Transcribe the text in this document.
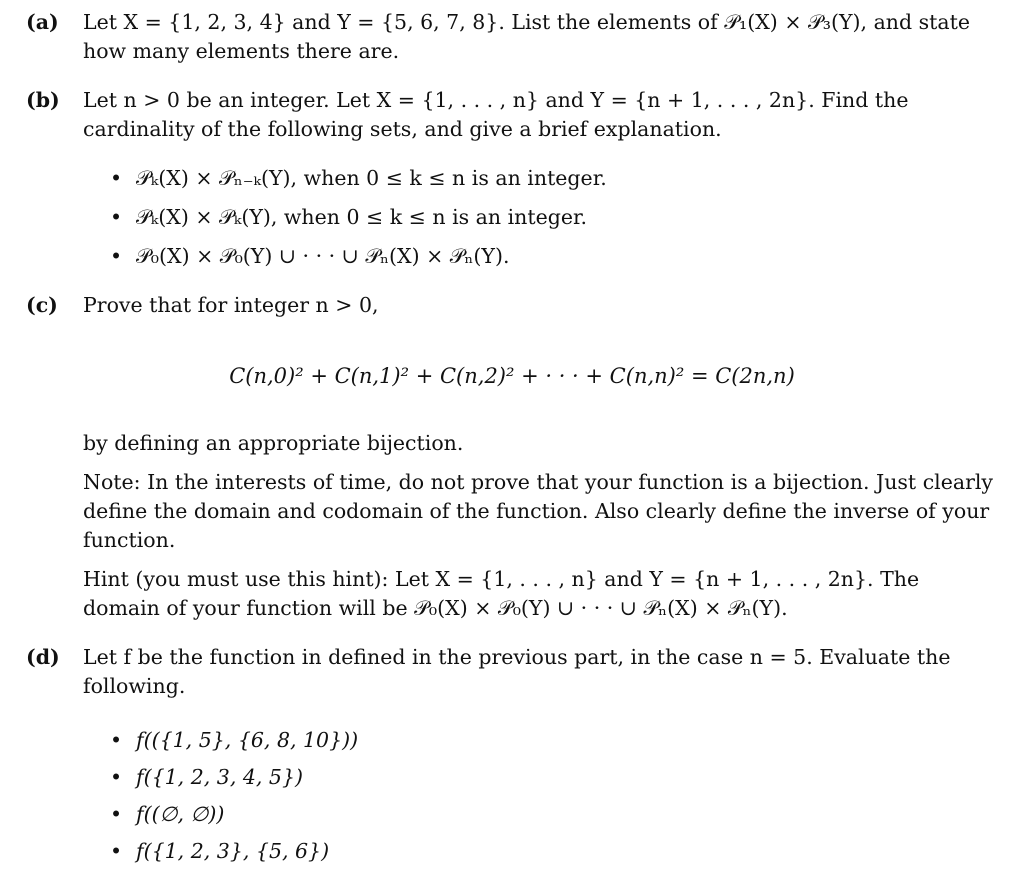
(a) Let X = {1, 2, 3, 4} and Y = {5, 6, 7, 8}. List the elements of 𝒫₁(X) × 𝒫₃(Y), and state
how many elements there are.
(b) Let n > 0 be an integer. Let X = {1, . . . , n} and Y = {n + 1, . . . , 2n}. Find the
cardinality of the following sets, and give a brief explanation.
• 𝒫ₖ(X) × 𝒫ₙ₋ₖ(Y), when 0 ≤ k ≤ n is an integer.
• 𝒫ₖ(X) × 𝒫ₖ(Y), when 0 ≤ k ≤ n is an integer.
• 𝒫₀(X) × 𝒫₀(Y) ∪ · · · ∪ 𝒫ₙ(X) × 𝒫ₙ(Y).
(c) Prove that for integer n > 0,
C(n,0)² + C(n,1)² + C(n,2)² + · · · + C(n,n)² = C(2n,n)
by defining an appropriate bijection.
Note: In the interests of time, do not prove that your function is a bijection. Just clearly
define the domain and codomain of the function. Also clearly define the inverse of your
function.
Hint (you must use this hint): Let X = {1, . . . , n} and Y = {n + 1, . . . , 2n}. The
domain of your function will be 𝒫₀(X) × 𝒫₀(Y) ∪ · · · ∪ 𝒫ₙ(X) × 𝒫ₙ(Y).
(d) Let f be the function in defined in the previous part, in the case n = 5. Evaluate the
following.
• f(({1, 5}, {6, 8, 10}))
• f({1, 2, 3, 4, 5})
• f((∅, ∅))
• f({1, 2, 3}, {5, 6})
